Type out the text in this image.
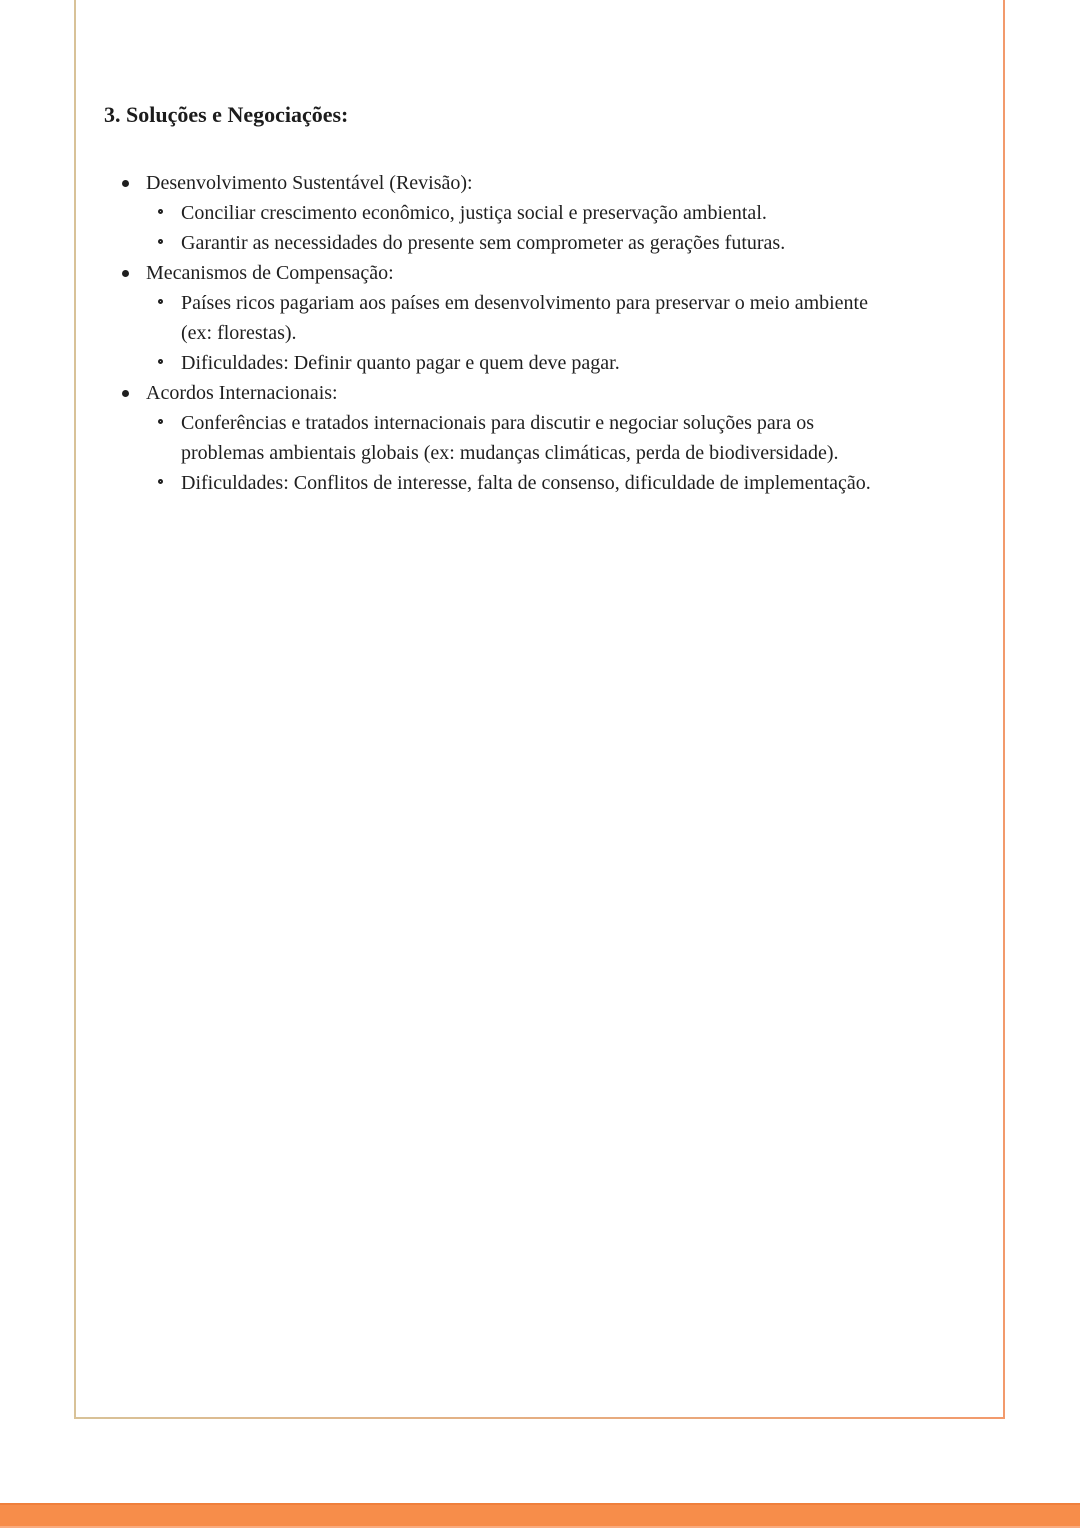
3. Soluções e Negociações:
Desenvolvimento Sustentável (Revisão):
Conciliar crescimento econômico, justiça social e preservação ambiental.
Garantir as necessidades do presente sem comprometer as gerações futuras.
Mecanismos de Compensação:
Países ricos pagariam aos países em desenvolvimento para preservar o meio ambiente
(ex: florestas).
Dificuldades: Definir quanto pagar e quem deve pagar.
Acordos Internacionais:
Conferências e tratados internacionais para discutir e negociar soluções para os
problemas ambientais globais (ex: mudanças climáticas, perda de biodiversidade).
Dificuldades: Conflitos de interesse, falta de consenso, dificuldade de implementação.
